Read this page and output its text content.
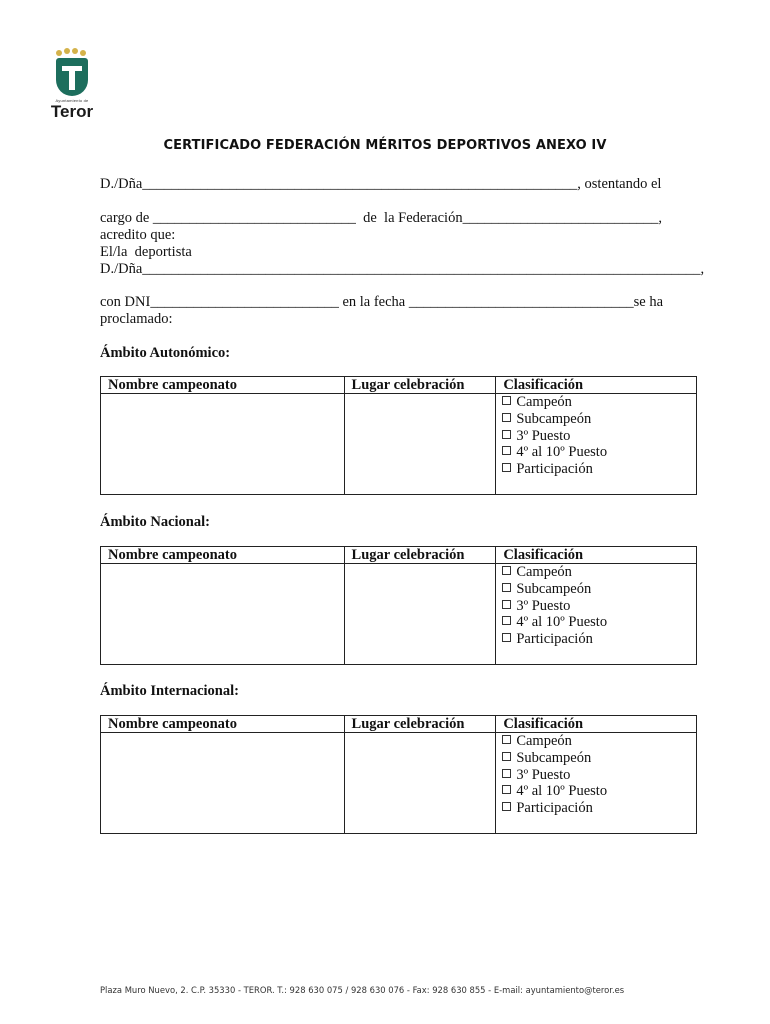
Ayuntamiento de
Teror
CERTIFICADO FEDERACIÓN MÉRITOS DEPORTIVOS ANEXO IV
D./Dña____________________________________________________________, ostentando el
cargo de ____________________________  de  la Federación___________________________,
acredito que:
El/la  deportista
D./Dña_____________________________________________________________________________,
con DNI__________________________ en la fecha _______________________________se ha
proclamado:
Ámbito Autonómico:
Nombre campeonato	Lugar celebración	Clasificación

		Campeón
Subcampeón
3º Puesto
4º al 10º Puesto
Participación
Ámbito Nacional:
Nombre campeonato	Lugar celebración	Clasificación

		Campeón
Subcampeón
3º Puesto
4º al 10º Puesto
Participación
Ámbito Internacional:
Nombre campeonato	Lugar celebración	Clasificación

		Campeón
Subcampeón
3º Puesto
4º al 10º Puesto
Participación
Plaza Muro Nuevo, 2. C.P. 35330 - TEROR. T.: 928 630 075 / 928 630 076 - Fax: 928 630 855 - E-mail: ayuntamiento@teror.es
